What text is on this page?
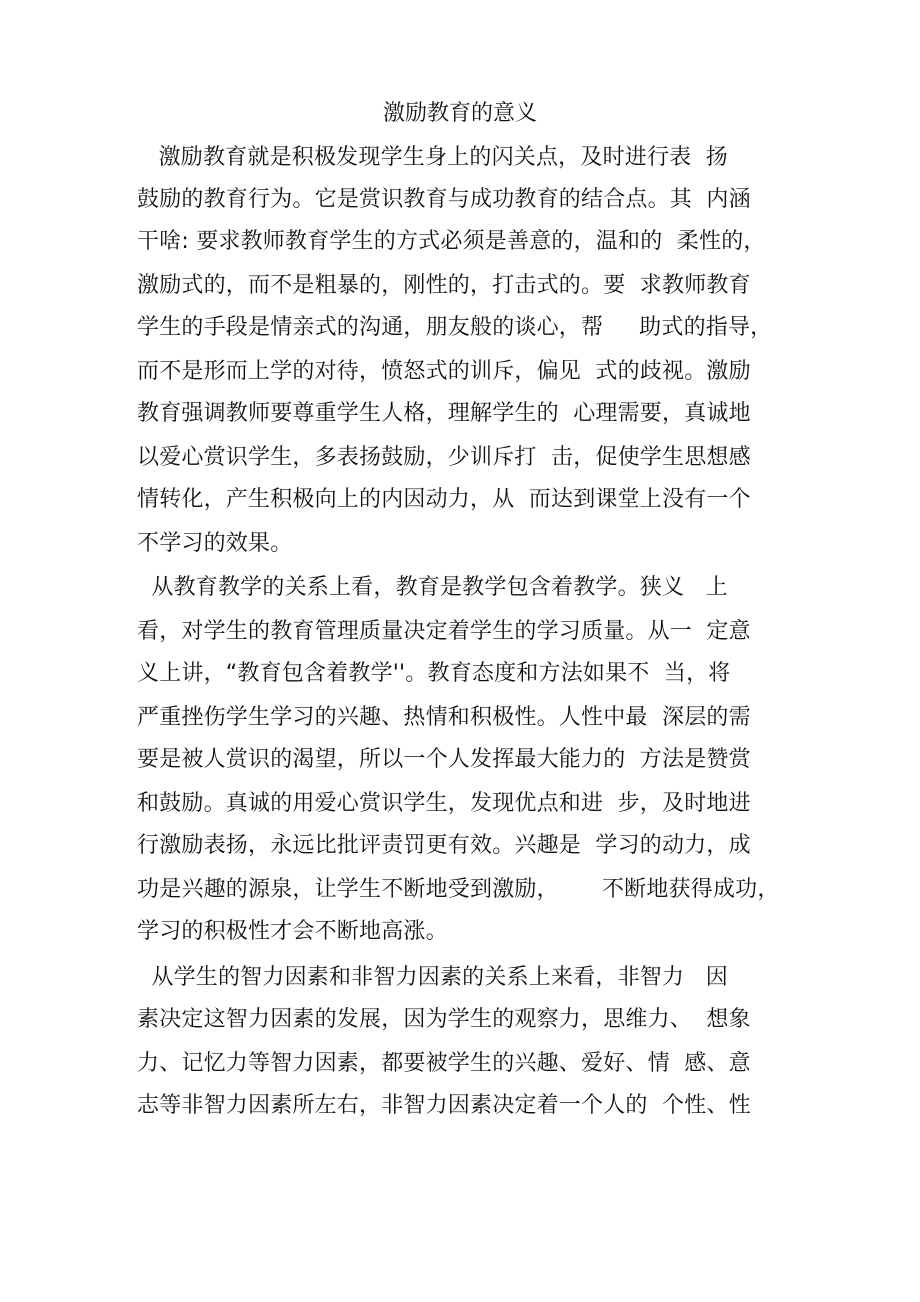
激励教育的意义
激励教育就是积极发现学生身上的闪关点，及时进行表  扬
鼓励的教育行为。它是赏识教育与成功教育的结合点。其  内涵
干啥: 要求教师教育学生的方式必须是善意的，温和的  柔性的，
激励式的，而不是粗暴的，刚性的，打击式的。要  求教师教育
学生的手段是情亲式的沟通，朋友般的谈心，帮     助式的指导，
而不是形而上学的对待，愤怒式的训斥，偏见  式的歧视。激励
教育强调教师要尊重学生人格，理解学生的  心理需要，真诚地
以爱心赏识学生，多表扬鼓励，少训斥打  击，促使学生思想感
情转化，产生积极向上的内因动力，从  而达到课堂上没有一个
不学习的效果。
从教育教学的关系上看，教育是教学包含着教学。狭义   上
看，对学生的教育管理质量决定着学生的学习质量。从一  定意
义上讲，“教育包含着教学''。教育态度和方法如果不  当，将
严重挫伤学生学习的兴趣、热情和积极性。人性中最  深层的需
要是被人赏识的渴望，所以一个人发挥最大能力的  方法是赞赏
和鼓励。真诚的用爱心赏识学生，发现优点和进  步，及时地进
行激励表扬，永远比批评责罚更有效。兴趣是  学习的动力，成
功是兴趣的源泉，让学生不断地受到激励，      不断地获得成功，
学习的积极性才会不断地高涨。
从学生的智力因素和非智力因素的关系上来看，非智力   因
素决定这智力因素的发展，因为学生的观察力，思维力、  想象
力、记忆力等智力因素，都要被学生的兴趣、爱好、情  感、意
志等非智力因素所左右，非智力因素决定着一个人的  个性、性
